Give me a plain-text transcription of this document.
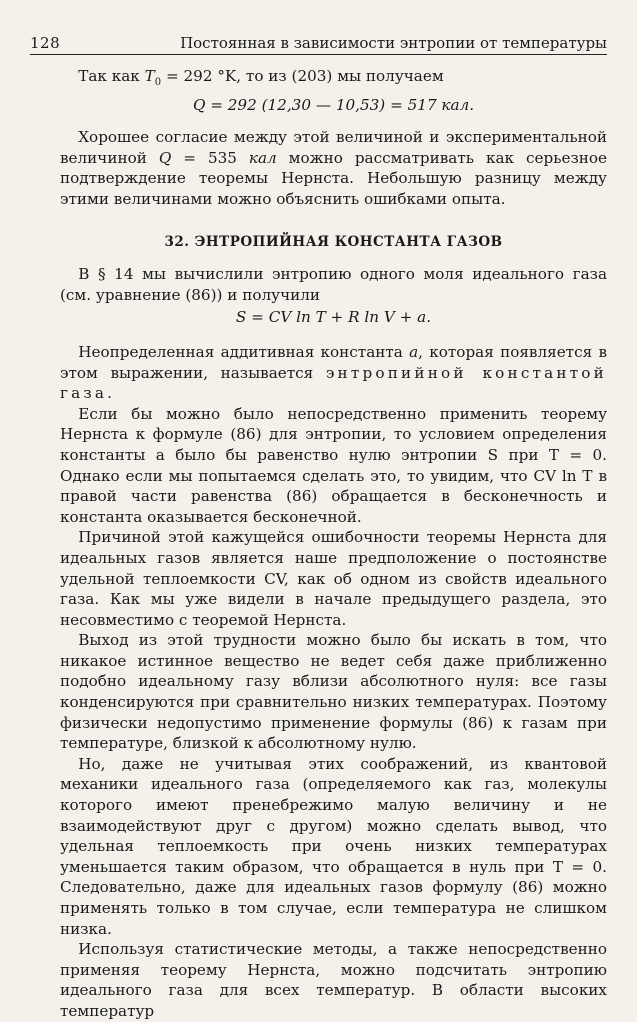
128	Постоянная в зависимости энтропии от температуры

Так как $T_0 = 292$ °K, то из (203) мы получаем

Q = 292 (12,30 — 10,53) = 517 кал.

Хорошее согласие между этой величиной и экспериментальной величиной Q = 535 кал можно рассматривать как серьезное подтверждение теоремы Нернста. Небольшую разницу между этими величинами можно объяснить ошибками опыта.

32. ЭНТРОПИЙНАЯ КОНСТАНТА ГАЗОВ

В § 14 мы вычислили энтропию одного моля идеального газа (см. уравнение (86)) и получили

S = CV ln T + R ln V + a.

Неопределенная аддитивная константа a, которая появляется в этом выражении, называется энтропийной константой газа.

Если бы можно было непосредственно применить теорему Нернста к формуле (86) для энтропии, то условием определения константы a было бы равенство нулю энтропии S при T = 0. Однако если мы попытаемся сделать это, то увидим, что CV ln T в правой части равенства (86) обращается в бесконечность и константа оказывается бесконечной.

Причиной этой кажущейся ошибочности теоремы Нернста для идеальных газов является наше предположение о постоянстве удельной теплоемкости CV, как об одном из свойств идеального газа. Как мы уже видели в начале предыдущего раздела, это несовместимо с теоремой Нернста.

Выход из этой трудности можно было бы искать в том, что никакое истинное вещество не ведет себя даже приближенно подобно идеальному газу вблизи абсолютного нуля: все газы конденсируются при сравнительно низких температурах. Поэтому физически недопустимо применение формулы (86) к газам при температуре, близкой к абсолютному нулю.

Но, даже не учитывая этих соображений, из квантовой механики идеального газа (определяемого как газ, молекулы которого имеют пренебрежимо малую величину и не взаимодействуют друг с другом) можно сделать вывод, что удельная теплоемкость при очень низких температурах уменьшается таким образом, что обращается в нуль при T = 0. Следовательно, даже для идеальных газов формулу (86) можно применять только в том случае, если температура не слишком низка.

Используя статистические методы, а также непосредственно применяя теорему Нернста, можно подсчитать энтропию идеального газа для всех температур. В области высоких температур
